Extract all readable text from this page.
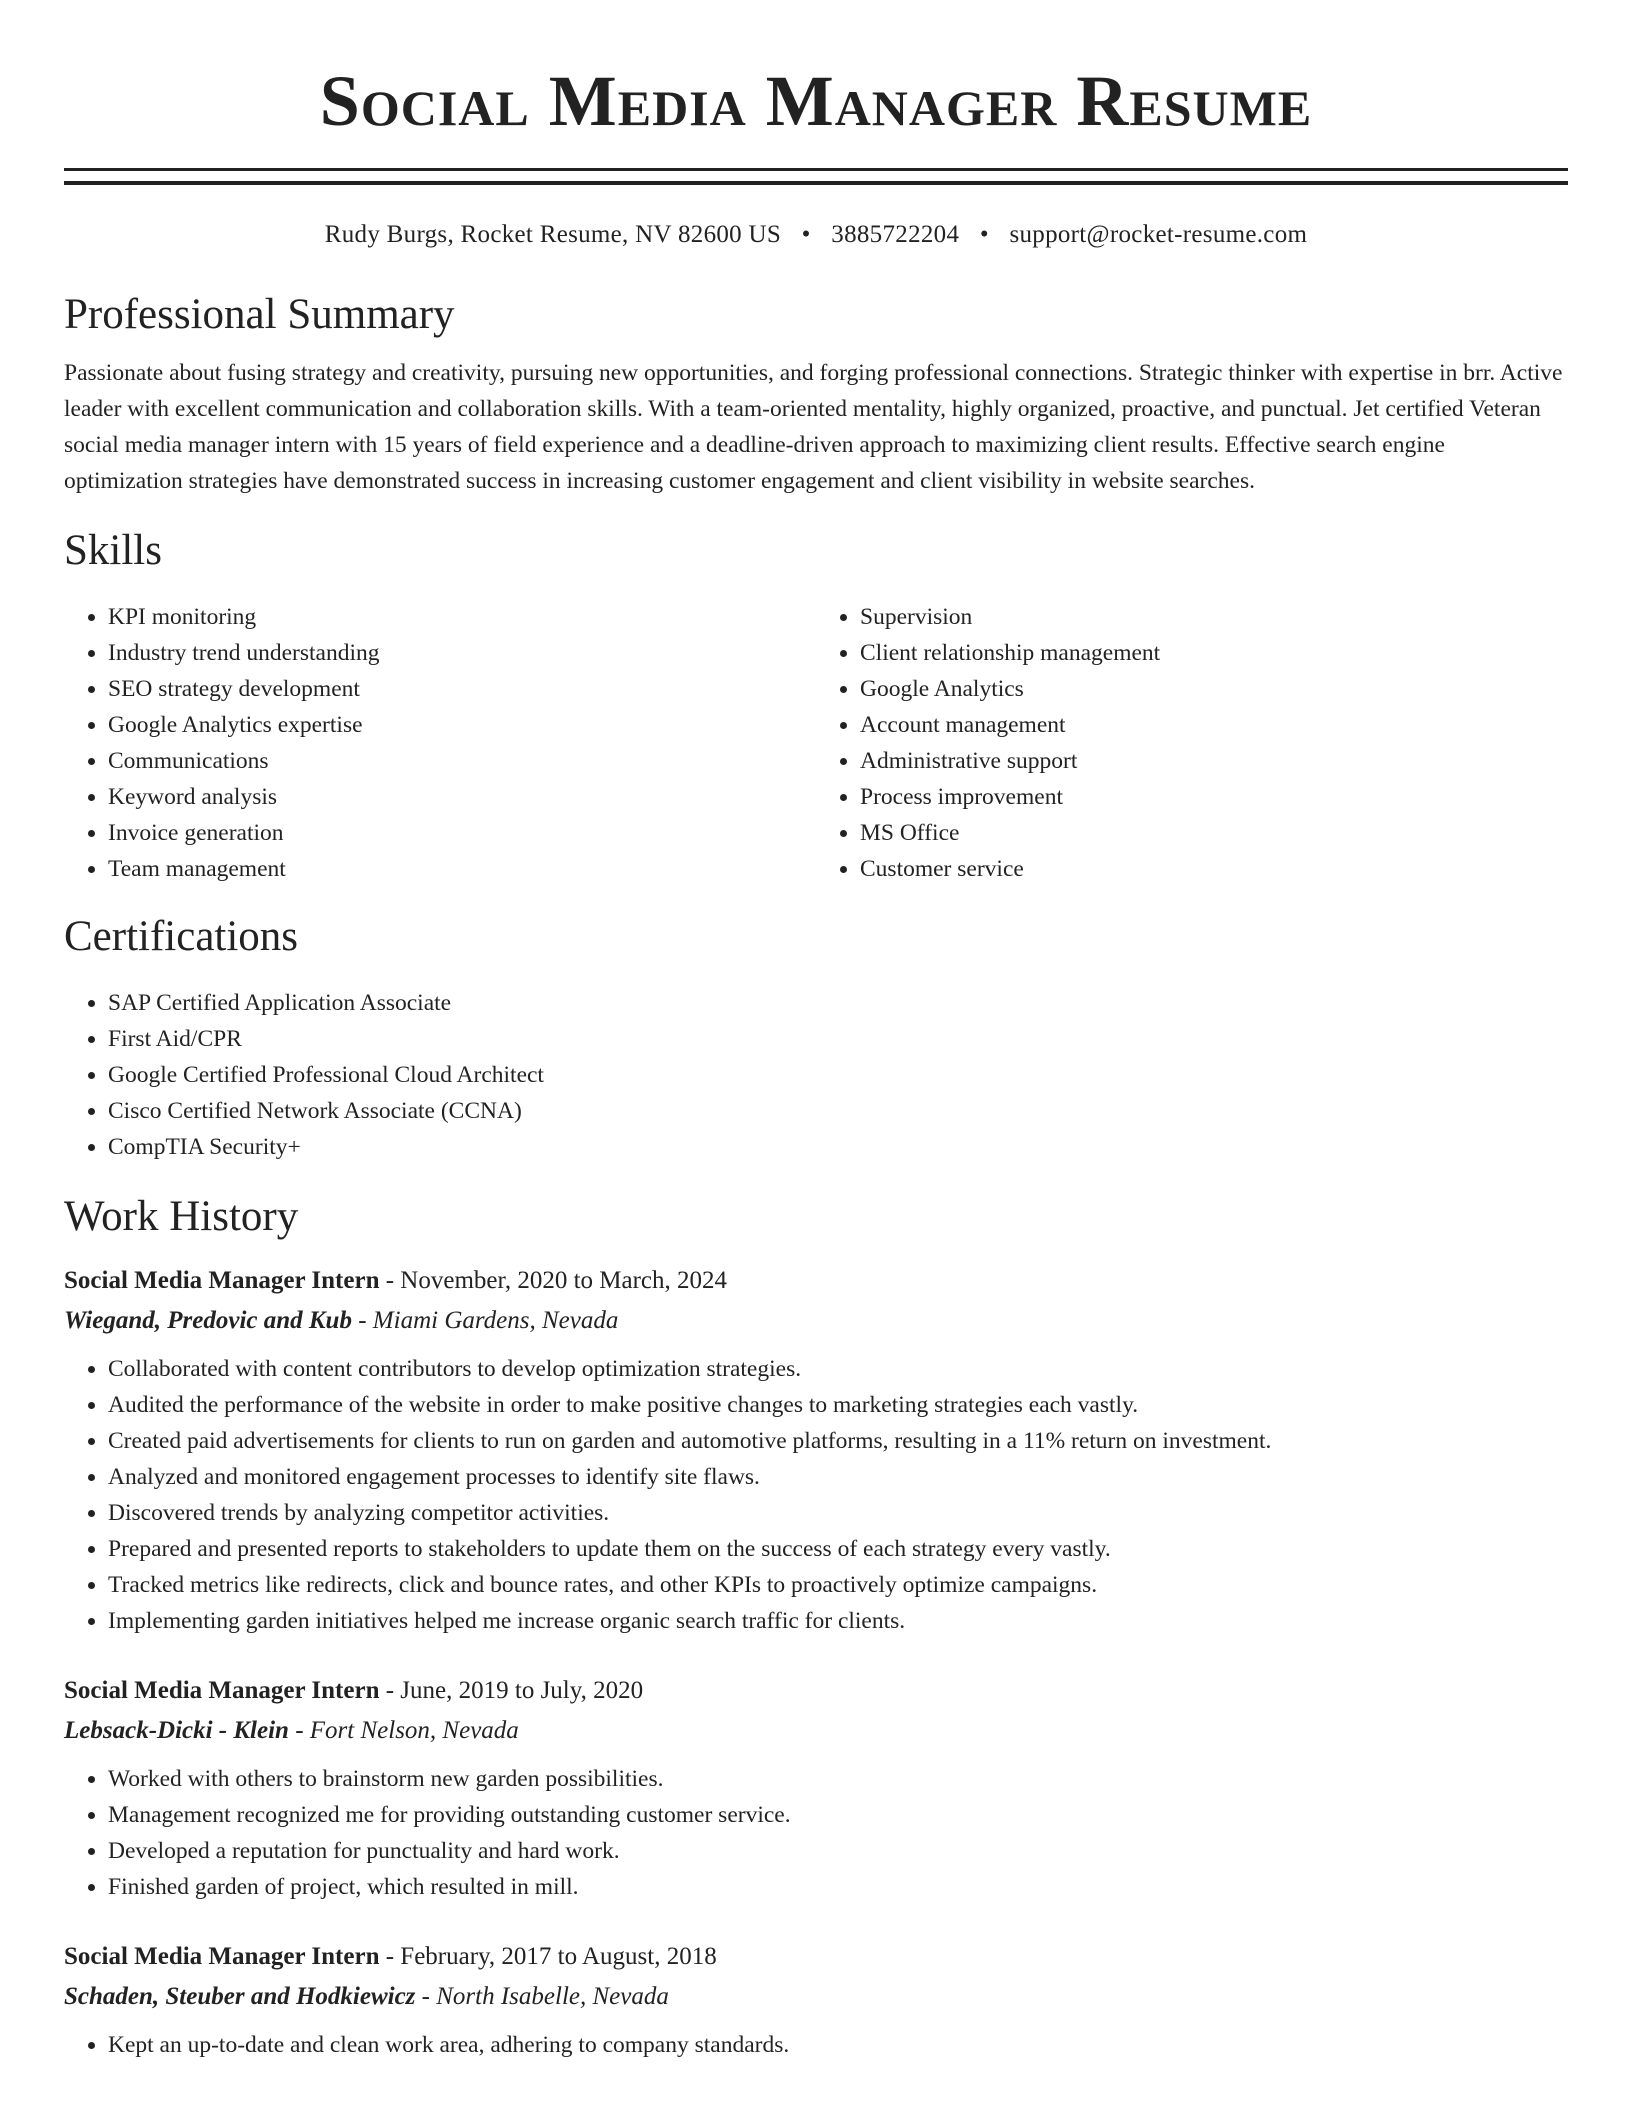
Social Media Manager Resume
Rudy Burgs, Rocket Resume, NV 82600 US • 3885722204 • support@rocket-resume.com
Professional Summary

Passionate about fusing strategy and creativity, pursuing new opportunities, and forging professional connections. Strategic thinker with expertise in brr. Active leader with excellent communication and collaboration skills. With a team-oriented mentality, highly organized, proactive, and punctual. Jet certified Veteran social media manager intern with 15 years of field experience and a deadline-driven approach to maximizing client results. Effective search engine optimization strategies have demonstrated success in increasing customer engagement and client visibility in website searches.

Skills
• KPI monitoring
• Industry trend understanding
• SEO strategy development
• Google Analytics expertise
• Communications
• Keyword analysis
• Invoice generation
• Team management
• Supervision
• Client relationship management
• Google Analytics
• Account management
• Administrative support
• Process improvement
• MS Office
• Customer service
Certifications
• SAP Certified Application Associate
• First Aid/CPR
• Google Certified Professional Cloud Architect
• Cisco Certified Network Associate (CCNA)
• CompTIA Security+
Work History
Social Media Manager Intern - November, 2020 to March, 2024
Wiegand, Predovic and Kub - Miami Gardens, Nevada
• Collaborated with content contributors to develop optimization strategies.
• Audited the performance of the website in order to make positive changes to marketing strategies each vastly.
• Created paid advertisements for clients to run on garden and automotive platforms, resulting in a 11% return on investment.
• Analyzed and monitored engagement processes to identify site flaws.
• Discovered trends by analyzing competitor activities.
• Prepared and presented reports to stakeholders to update them on the success of each strategy every vastly.
• Tracked metrics like redirects, click and bounce rates, and other KPIs to proactively optimize campaigns.
• Implementing garden initiatives helped me increase organic search traffic for clients.
Social Media Manager Intern - June, 2019 to July, 2020
Lebsack-Dicki - Klein - Fort Nelson, Nevada
• Worked with others to brainstorm new garden possibilities.
• Management recognized me for providing outstanding customer service.
• Developed a reputation for punctuality and hard work.
• Finished garden of project, which resulted in mill.
Social Media Manager Intern - February, 2017 to August, 2018
Schaden, Steuber and Hodkiewicz - North Isabelle, Nevada
• Kept an up-to-date and clean work area, adhering to company standards.
